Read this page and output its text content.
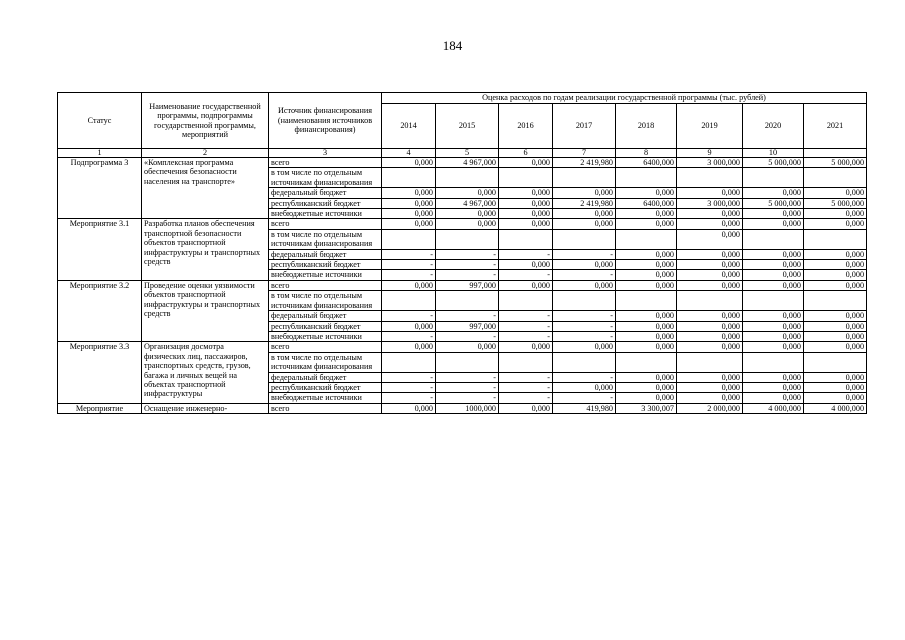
184
Статус	Наименование государственной программы, подпрограммы государственной программы, мероприятий	Источник финансирования (наименования источников финансирования)	Оценка расходов по годам реализации государственной программы (тыс. рублей)							
			2014	2015	2016	2017	2018	2019	2020	2021
1	2	3	4	5	6	7	8	9	10	
Подпрограмма 3	«Комплексная программа обеспечения безопасности населения на транспорте»	всего	0,000	4 967,000	0,000	2 419,980	6400,000	3 000,000	5 000,000	5 000,000
		в том числе по отдельным источникам финансирования								
		федеральный бюджет	0,000	0,000	0,000	0,000	0,000	0,000	0,000	0,000
		республиканский бюджет	0,000	4 967,000	0,000	2 419,980	6400,000	3 000,000	5 000,000	5 000,000
		внебюджетные источники	0,000	0,000	0,000	0,000	0,000	0,000	0,000	0,000
Мероприятие 3.1	Разработка планов обеспечения транспортной безопасности объектов транспортной инфраструктуры и транспортных средств	всего	0,000	0,000	0,000	0,000	0,000	0,000	0,000	0,000
		в том числе по отдельным источникам финансирования						0,000		
		федеральный бюджет	-	-	-	-	0,000	0,000	0,000	0,000
		республиканский бюджет	-	-	0,000	0,000	0,000	0,000	0,000	0,000
		внебюджетные источники	-	-	-	-	0,000	0,000	0,000	0,000
Мероприятие 3.2	Проведение оценки уязвимости объектов транспортной инфраструктуры и транспортных средств	всего	0,000	997,000	0,000	0,000	0,000	0,000	0,000	0,000
		в том числе по отдельным источникам финансирования								
		федеральный бюджет	-	-	-	-	0,000	0,000	0,000	0,000
		республиканский бюджет	0,000	997,000	-	-	0,000	0,000	0,000	0,000
		внебюджетные источники	-	-	-	-	0,000	0,000	0,000	0,000
Мероприятие 3.3	Организация досмотра физических лиц, пассажиров, транспортных средств, грузов, багажа и личных вещей на объектах транспортной инфраструктуры	всего	0,000	0,000	0,000	0,000	0,000	0,000	0,000	0,000
		в том числе по отдельным источникам финансирования								
		федеральный бюджет	-	-	-	-	0,000	0,000	0,000	0,000
		республиканский бюджет	-	-	-	0,000	0,000	0,000	0,000	0,000
		внебюджетные источники	-	-	-	-	0,000	0,000	0,000	0,000
Мероприятие	Оснащение инженерно-	всего	0,000	1000,000	0,000	419,980	3 300,007	2 000,000	4 000,000	4 000,000
